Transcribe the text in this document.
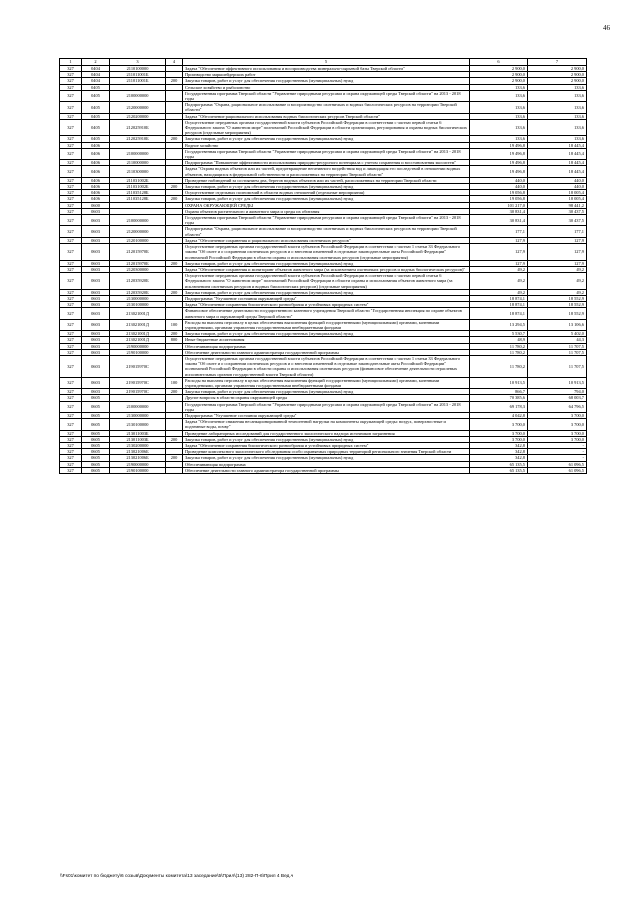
46
1	2	3	4	5	6	7
327	0404	2110100000		Задача "Обеспечение эффективного использования и воспроизводства минерально-сырьевой базы Тверской области"	2 900,0	2 900,0
327	0404	211011001Б		Производство маркшейдерских работ	2 900,0	2 900,0
327	0404	211011001Б	200	Закупка товаров, работ и услуг для обеспечения государственных (муниципальных) нужд	2 900,0	2 900,0
327	0405			Сельское хозяйство и рыболовство	133,6	133,6
327	0405	2100000000		Государственная программа Тверской области "Управление природными ресурсами и охрана окружающей среды Тверской области" на 2013 - 2018 годы	133,6	133,6
327	0405	2120000000		Подпрограмма "Охрана, рациональное использование и воспроизводство охотничьих и водных биологических ресурсов на территории Тверской области"	133,6	133,6
327	0405	2120200000		Задача "Обеспечение рационального использования водных биологических ресурсов Тверской области"	133,6	133,6
327	0405	212025910Б		Осуществление переданных органам государственной власти субъектов Российской Федерации в соответствии с частью первой статьи 6 Федерального закона "О животном мире" полномочий Российской Федерации в области организации, регулирования и охраны водных биологических ресурсов (отдельные мероприятия)	133,6	133,6
327	0405	212025910Б	200	Закупка товаров, работ и услуг для обеспечения государственных (муниципальных) нужд	133,6	133,6
327	0406			Водное хозяйство	19 496,8	18 445,4
327	0406	2100000000		Государственная программа Тверской области "Управление природными ресурсами и охрана окружающей среды Тверской области" на 2013 - 2018 годы	19 496,8	18 445,4
327	0406	2110000000		Подпрограмма "Повышение эффективности использования природно-ресурсного потенциала с учетом сохранения и восстановления экосистем"	19 496,8	18 445,4
327	0406	2110300000		Задача "Охрана водных объектов или их частей, предотвращение негативного воздействия вод и ликвидация его последствий в отношении водных объектов, находящихся в федеральной собственности и расположенных на территории Тверской области"	19 496,8	18 445,4
327	0406	211031002Б		Проведение наблюдений за состоянием дна, берегов водных объектов или их частей, расположенных на территории Тверской области	440,0	440,0
327	0406	211031002Б	200	Закупка товаров, работ и услуг для обеспечения государственных (муниципальных) нужд	440,0	440,0
327	0406	211035128Б		Осуществление отдельных полномочий в области водных отношений (отдельные мероприятия)	19 056,8	18 005,4
327	0406	211035128Б	200	Закупка товаров, работ и услуг для обеспечения государственных (муниципальных) нужд	19 056,8	18 005,4
327	0600			ОХРАНА ОКРУЖАЮЩЕЙ СРЕДЫ	101 217,0	98 441,2
327	0603			Охрана объектов растительного и животного мира и среды их обитания	30 831,4	30 437,5
327	0603	2100000000		Государственная программа Тверской области "Управление природными ресурсами и охрана окружающей среды Тверской области" на 2013 - 2018 годы	30 831,4	30 437,5
327	0603	2120000000		Подпрограмма "Охрана, рациональное использование и воспроизводство охотничьих и водных биологических ресурсов на территории Тверской области"	177,1	177,1
327	0603	2120100000		Задача "Обеспечение сохранения и рационального использования охотничьих ресурсов"	127,9	127,9
327	0603	212015970Б		Осуществление переданных органам государственной власти субъектов Российской Федерации в соответствии с частью 1 статьи 33 Федерального закона "Об охоте и о сохранении охотничьих ресурсов и о внесении изменений в отдельные законодательные акты Российской Федерации" полномочий Российской Федерации в области охраны и использования охотничьих ресурсов (отдельные мероприятия)	127,9	127,9
327	0603	212015970Б	200	Закупка товаров, работ и услуг для обеспечения государственных (муниципальных) нужд	127,9	127,9
327	0603	2120300000		Задача "Обеспечение сохранения и мониторинг объектов животного мира (за исключением охотничьих ресурсов и водных биологических ресурсов)"	49,2	49,2
327	0603	212035920Б		Осуществление переданных органам государственной власти субъектов Российской Федерации в соответствии с частью первой статьи 6 Федерального закона "О животном мире" полномочий Российской Федерации в области охраны и использования объектов животного мира (за исключением охотничьих ресурсов и водных биологических ресурсов) (отдельные мероприятия)	49,2	49,2
327	0603	212035920Б	200	Закупка товаров, работ и услуг для обеспечения государственных (муниципальных) нужд	49,2	49,2
327	0603	2130000000		Подпрограмма "Улучшение состояния окружающей среды"	18 874,1	18 552,9
327	0603	2130100000		Задача "Обеспечение сохранения биологического разнообразия и устойчивых природных систем"	18 874,1	18 552,9
327	0603	213021001Д		Финансовое обеспечение деятельности государственного казенного учреждения Тверской области "Государственная инспекция по охране объектов животного мира и окружающей среды Тверской области"	18 874,1	18 552,9
327	0603	213021001Д	100	Расходы на выплаты персоналу в целях обеспечения выполнения функций государственными (муниципальными) органами, казенными учреждениями, органами управления государственными внебюджетными фондами	13 294,5	13 106,6
327	0603	213021001Д	200	Закупка товаров, работ и услуг для обеспечения государственных (муниципальных) нужд	5 530,7	5 402,0
327	0603	213021001Д	800	Иные бюджетные ассигнования	48,9	44,3
327	0603	2190000000		Обеспечивающая подпрограмма	11 780,2	11 707,5
327	0603	2190100000		Обеспечение деятельности главного администратора государственной программы	11 780,2	11 707,5
327	0603	219015970С		Осуществление переданных органам государственной власти субъектов Российской Федерации в соответствии с частью 1 статьи 33 Федерального закона "Об охоте и о сохранении охотничьих ресурсов и о внесении изменений в отдельные законодательные акты Российской Федерации" полномочий Российской Федерации в области охраны и использования охотничьих ресурсов (финансовое обеспечение деятельности отраслевых исполнительных органов государственной власти Тверской области)	11 780,2	11 707,5
327	0603	219015970С	100	Расходы на выплаты персоналу в целях обеспечения выполнения функций государственными (муниципальными) органами, казенными учреждениями, органами управления государственными внебюджетными фондами	10 913,5	10 913,5
327	0603	219015970С	200	Закупка товаров, работ и услуг для обеспечения государственных (муниципальных) нужд	866,7	794,0
327	0605			Другие вопросы в области охраны окружающей среды	70 385,6	68 003,7
327	0605	2100000000		Государственная программа Тверской области "Управление природными ресурсами и охрана окружающей среды Тверской области" на 2013 - 2018 годы	69 178,3	64 796,5
327	0605	2130000000		Подпрограмма "Улучшение состояния окружающей среды"	4 042,8	3 700,0
327	0605	2130100000		Задача "Обеспечение снижения несанкционированной техногенной нагрузки на компоненты окружающей среды: воздух, поверхностные и подземные воды, почву"	3 700,0	3 700,0
327	0605	213011003Б		Проведение лабораторных исследований для государственного экологического надзора источников загрязнения	3 700,0	3 700,0
327	0605	213011003Б	200	Закупка товаров, работ и услуг для обеспечения государственных (муниципальных) нужд	3 700,0	3 700,0
327	0605	2130200000		Задача "Обеспечение сохранения биологического разнообразия и устойчивых природных систем"	342,8	-
327	0605	213021006Б		Проведение комплексного экологического обследования особо охраняемых природных территорий регионального значения Тверской области	342,8	-
327	0605	213021006Б	200	Закупка товаров, работ и услуг для обеспечения государственных (муниципальных) нужд	342,8	-
327	0605	2190000000		Обеспечивающая подпрограмма	65 135,5	61 096,5
327	0605	2190100000		Обеспечение деятельности главного администратора государственной программы	65 135,5	61 096,5
\\Fs01\комитет по бюджету\6 созыв\Документы комитета\13 заседание\5\Прил\(13) 282-П-6\Прил 4 Вед.ч
